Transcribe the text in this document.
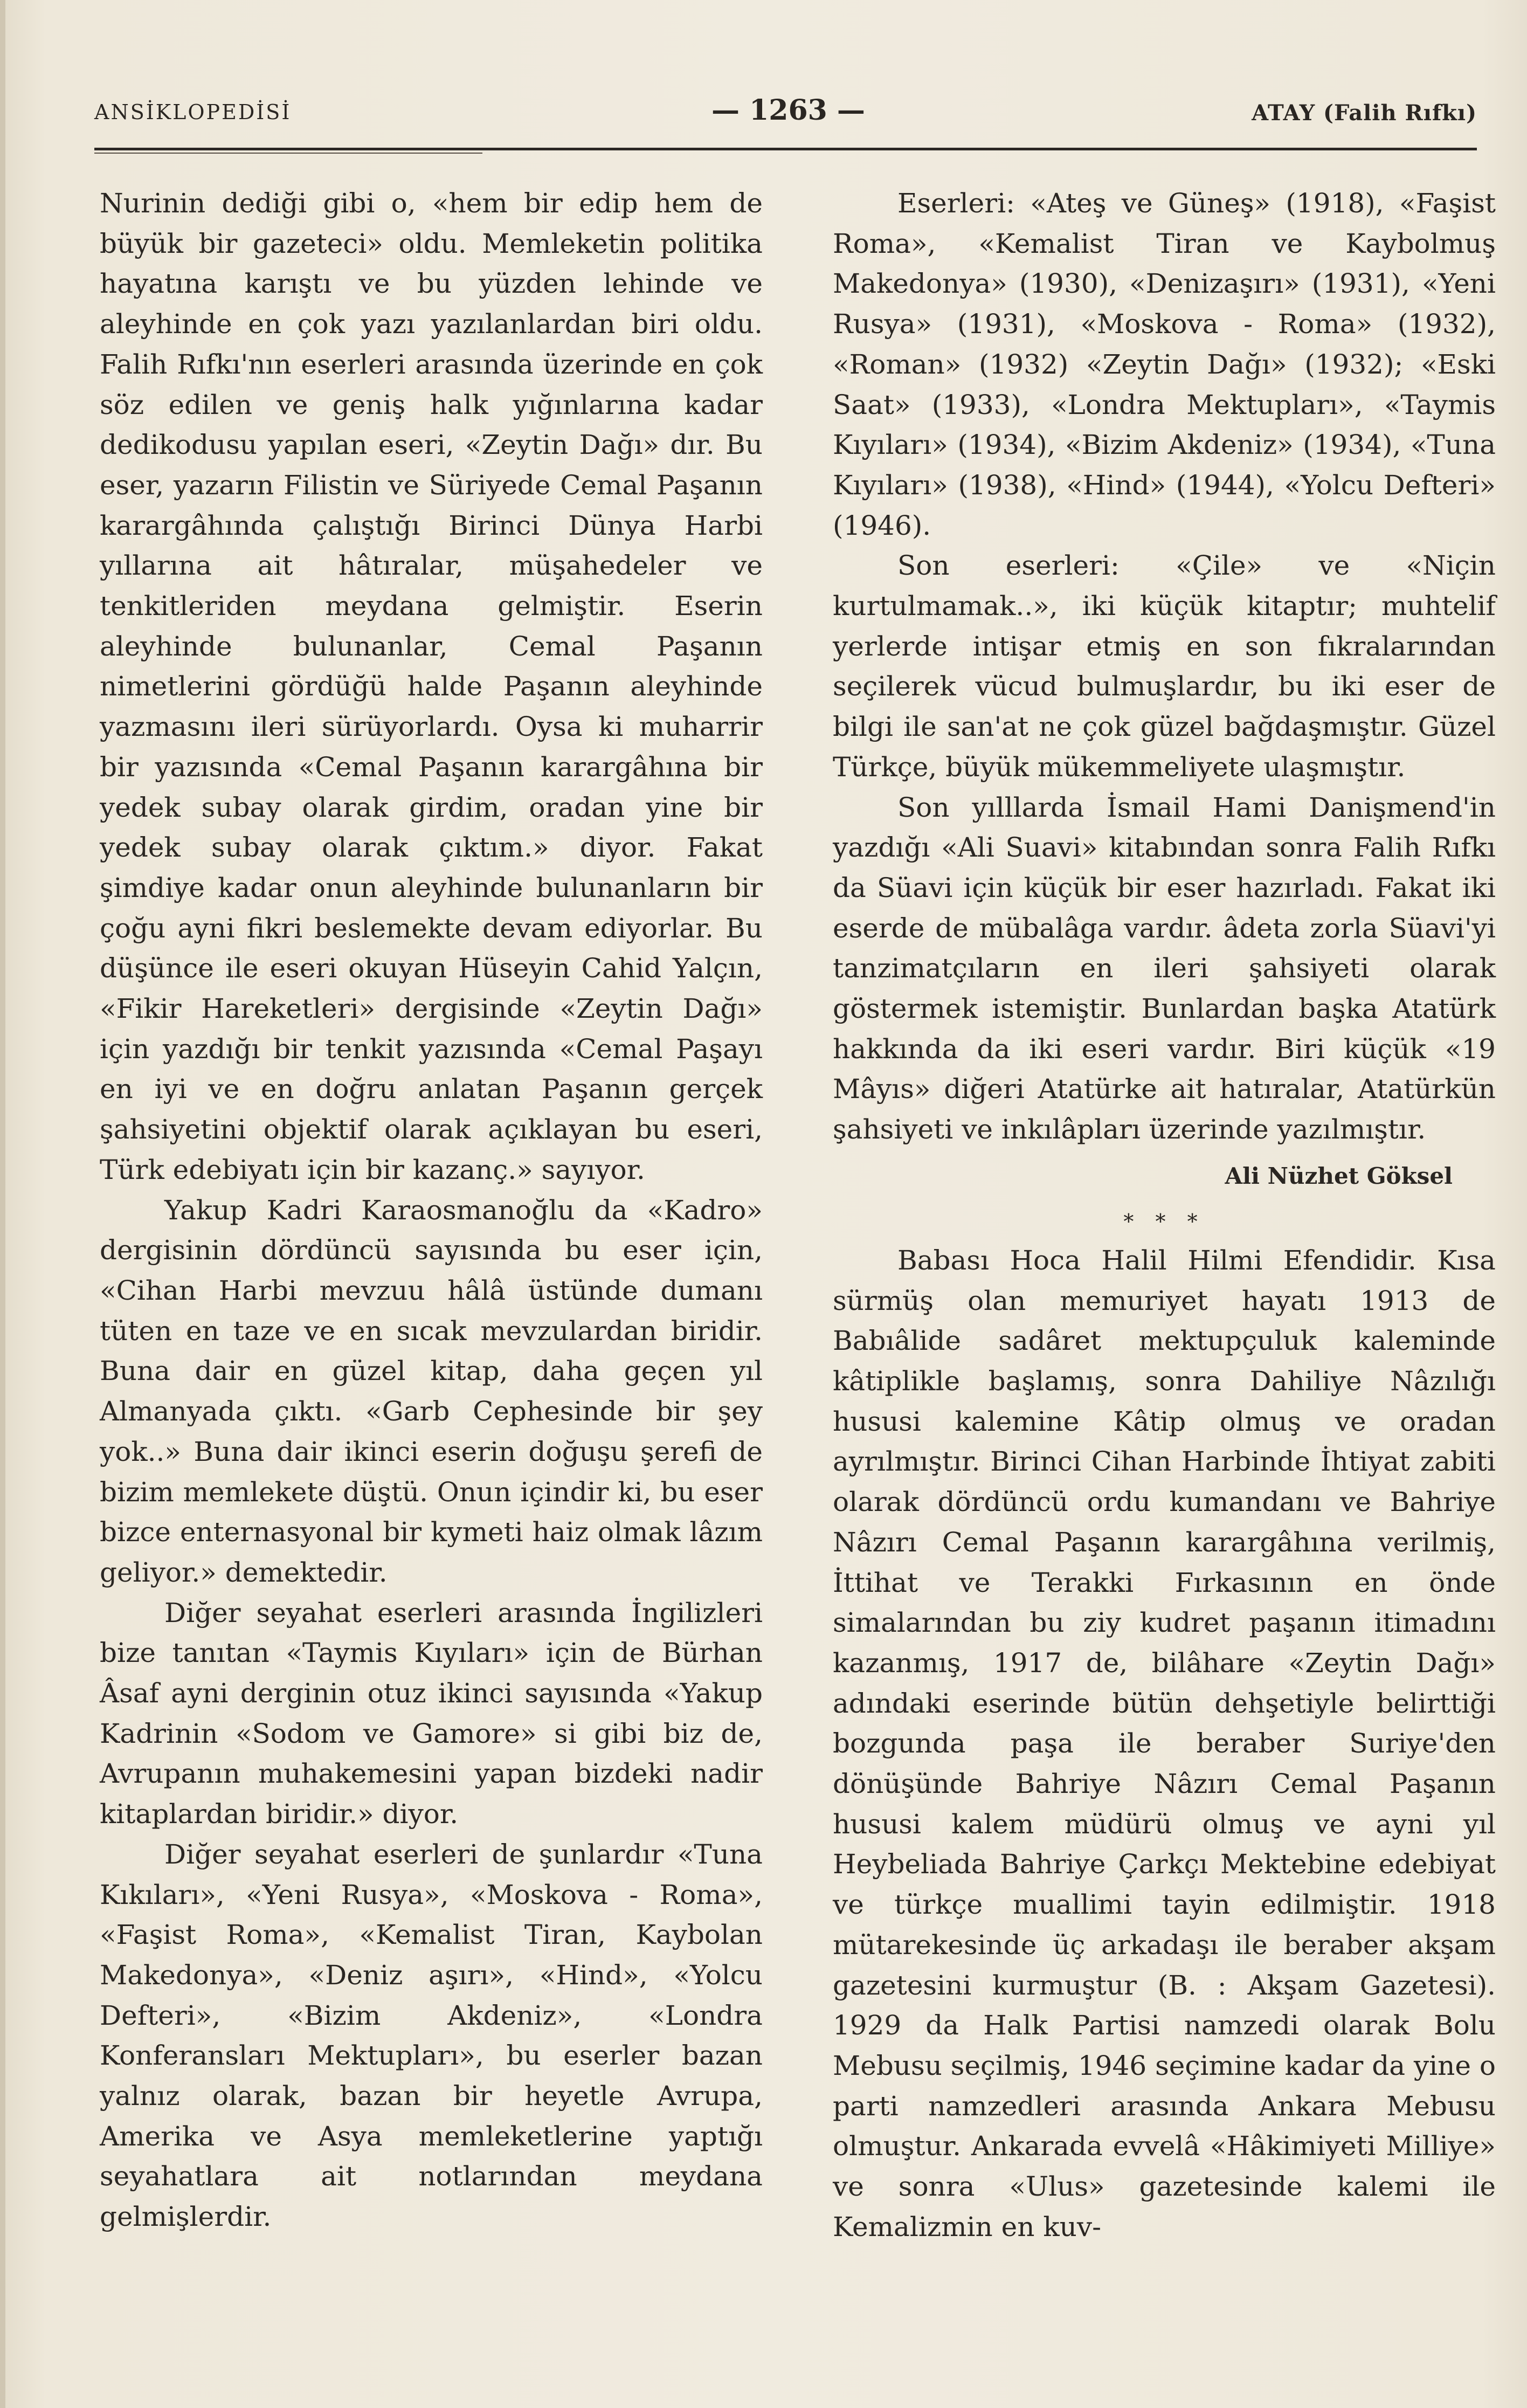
ANSİKLOPEDİSİ	— 1263 —	ATAY (Falih Rıfkı)

Nurinin dediği gibi o, «hem bir edip hem de büyük bir gazeteci» oldu. Memleketin politika hayatına karıştı ve bu yüzden lehinde ve aleyhinde en çok yazı yazılanlardan biri oldu. Falih Rıfkı'nın eserleri arasında üzerinde en çok söz edilen ve geniş halk yığınlarına kadar dedikodusu yapılan eseri, «Zeytin Dağı» dır. Bu eser, yazarın Filistin ve Süriyede Cemal Paşanın karargâhında çalıştığı Birinci Dünya Harbi yıllarına ait hâtıralar, müşahedeler ve tenkitleriden meydana gelmiştir. Eserin aleyhinde bulunanlar, Cemal Paşanın nimetlerini gördüğü halde Paşanın aleyhinde yazmasını ileri sürüyorlardı. Oysa ki muharrir bir yazısında «Cemal Paşanın karargâhına bir yedek subay olarak girdim, oradan yine bir yedek subay olarak çıktım.» diyor. Fakat şimdiye kadar onun aleyhinde bulunanların bir çoğu ayni fikri beslemekte devam ediyorlar. Bu düşünce ile eseri okuyan Hüseyin Cahid Yalçın, «Fikir Hareketleri» dergisinde «Zeytin Dağı» için yazdığı bir tenkit yazısında «Cemal Paşayı en iyi ve en doğru anlatan Paşanın gerçek şahsiyetini objektif olarak açıklayan bu eseri, Türk edebiyatı için bir kazanç.» sayıyor.

Yakup Kadri Karaosmanoğlu da «Kadro» dergisinin dördüncü sayısında bu eser için, «Cihan Harbi mevzuu hâlâ üstünde dumanı tüten en taze ve en sıcak mevzulardan biridir. Buna dair en güzel kitap, daha geçen yıl Almanyada çıktı. «Garb Cephesinde bir şey yok..» Buna dair ikinci eserin doğuşu şerefi de bizim memlekete düştü. Onun içindir ki, bu eser bizce enternasyonal bir kymeti haiz olmak lâzım geliyor.» demektedir.

Diğer seyahat eserleri arasında İngilizleri bize tanıtan «Taymis Kıyıları» için de Bürhan Âsaf ayni derginin otuz ikinci sayısında «Yakup Kadrinin «Sodom ve Gamore» si gibi biz de, Avrupanın muhakemesini yapan bizdeki nadir kitaplardan biridir.» diyor.

Diğer seyahat eserleri de şunlardır «Tuna Kıkıları», «Yeni Rusya», «Moskova - Roma», «Faşist Roma», «Kemalist Tiran, Kaybolan Makedonya», «Deniz aşırı», «Hind», «Yolcu Defteri», «Bizim Akdeniz», «Londra Konferansları Mektupları», bu eserler bazan yalnız olarak, bazan bir heyetle Avrupa, Amerika ve Asya memleketlerine yaptığı seyahatlara ait notlarından meydana gelmişlerdir.

Eserleri: «Ateş ve Güneş» (1918), «Faşist Roma», «Kemalist Tiran ve Kaybolmuş Makedonya» (1930), «Denizaşırı» (1931), «Yeni Rusya» (1931), «Moskova - Roma» (1932), «Roman» (1932) «Zeytin Dağı» (1932); «Eski Saat» (1933), «Londra Mektupları», «Taymis Kıyıları» (1934), «Bizim Akdeniz» (1934), «Tuna Kıyıları» (1938), «Hind» (1944), «Yolcu Defteri» (1946).

Son eserleri: «Çile» ve «Niçin kurtulmamak..», iki küçük kitaptır; muhtelif yerlerde intişar etmiş en son fıkralarından seçilerek vücud bulmuşlardır, bu iki eser de bilgi ile san'at ne çok güzel bağdaşmıştır. Güzel Türkçe, büyük mükemmeliyete ulaşmıştır.

Son yılllarda İsmail Hami Danişmend'in yazdığı «Ali Suavi» kitabından sonra Falih Rıfkı da Süavi için küçük bir eser hazırladı. Fakat iki eserde de mübalâga vardır. âdeta zorla Süavi'yi tanzimatçıların en ileri şahsiyeti olarak göstermek istemiştir. Bunlardan başka Atatürk hakkında da iki eseri vardır. Biri küçük «19 Mâyıs» diğeri Atatürke ait hatıralar, Atatürkün şahsiyeti ve inkılâpları üzerinde yazılmıştır.

Ali Nüzhet Göksel
* * *

Babası Hoca Halil Hilmi Efendidir. Kısa sürmüş olan memuriyet hayatı 1913 de Babıâlide sadâret mektupçuluk kaleminde kâtiplikle başlamış, sonra Dahiliye Nâzılığı hususi kalemine Kâtip olmuş ve oradan ayrılmıştır. Birinci Cihan Harbinde İhtiyat zabiti olarak dördüncü ordu kumandanı ve Bahriye Nâzırı Cemal Paşanın karargâhına verilmiş, İttihat ve Terakki Fırkasının en önde simalarından bu ziy kudret paşanın itimadını kazanmış, 1917 de, bilâhare «Zeytin Dağı» adındaki eserinde bütün dehşetiyle belirttiği bozgunda paşa ile beraber Suriye'den dönüşünde Bahriye Nâzırı Cemal Paşanın hususi kalem müdürü olmuş ve ayni yıl Heybeliada Bahriye Çarkçı Mektebine edebiyat ve türkçe muallimi tayin edilmiştir. 1918 mütarekesinde üç arkadaşı ile beraber akşam gazetesini kurmuştur (B. : Akşam Gazetesi). 1929 da Halk Partisi namzedi olarak Bolu Mebusu seçilmiş, 1946 seçimine kadar da yine o parti namzedleri arasında Ankara Mebusu olmuştur. Ankarada evvelâ «Hâkimiyeti Milliye» ve sonra «Ulus» gazetesinde kalemi ile Kemalizmin en kuv-
